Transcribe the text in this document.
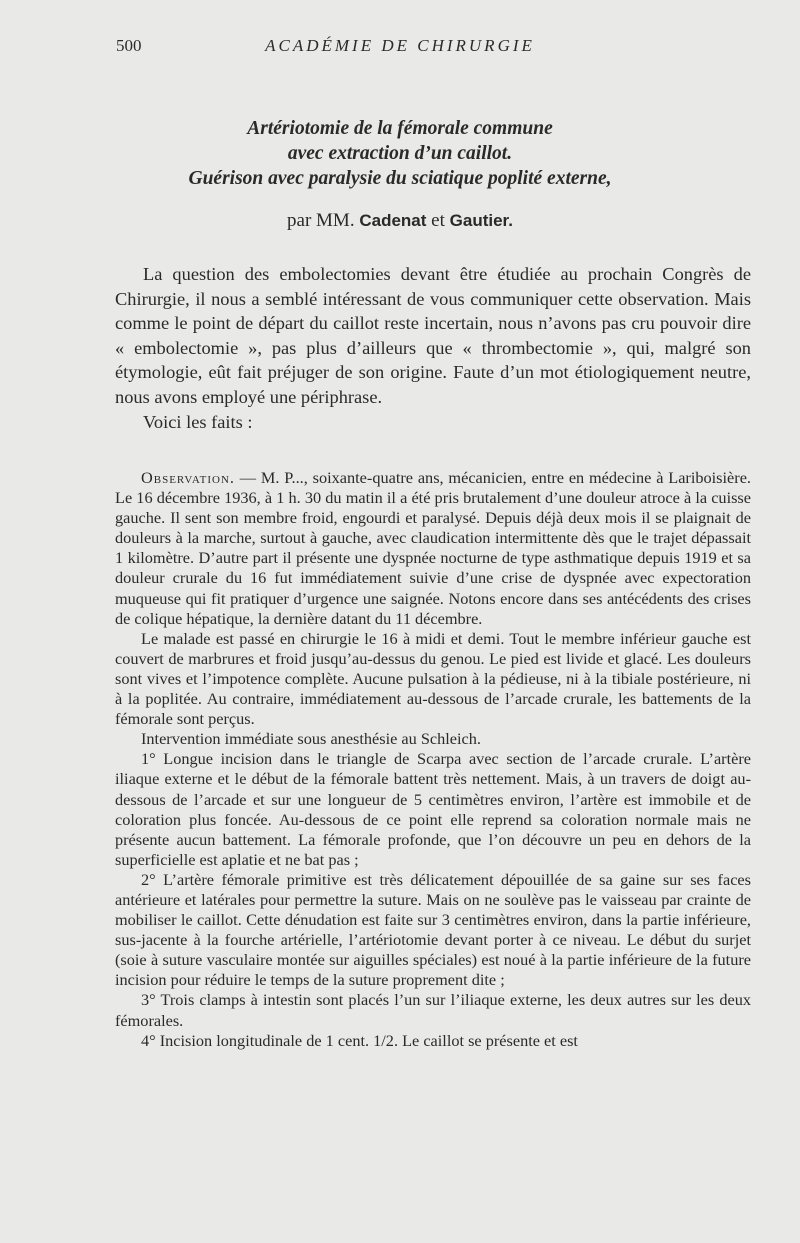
500	ACADÉMIE DE CHIRURGIE

Artériotomie de la fémorale commune

avec extraction d’un caillot.

Guérison avec paralysie du sciatique poplité externe,

par MM. Cadenat et Gautier.

La question des embolectomies devant être étudiée au prochain Congrès de Chirurgie, il nous a semblé intéressant de vous communiquer cette observation. Mais comme le point de départ du caillot reste incertain, nous n’avons pas cru pouvoir dire « embolectomie », pas plus d’ailleurs que « thrombectomie », qui, malgré son étymologie, eût fait préjuger de son origine. Faute d’un mot étiologiquement neutre, nous avons employé une périphrase.

Voici les faits :

Observation. — M. P..., soixante-quatre ans, mécanicien, entre en médecine à Lariboisière. Le 16 décembre 1936, à 1 h. 30 du matin il a été pris brutalement d’une douleur atroce à la cuisse gauche. Il sent son membre froid, engourdi et paralysé. Depuis déjà deux mois il se plaignait de douleurs à la marche, surtout à gauche, avec claudication intermittente dès que le trajet dépassait 1 kilomètre. D’autre part il présente une dyspnée nocturne de type asthmatique depuis 1919 et sa douleur crurale du 16 fut immédiatement suivie d’une crise de dyspnée avec expectoration muqueuse qui fit pratiquer d’urgence une saignée. Notons encore dans ses antécédents des crises de colique hépatique, la dernière datant du 11 décembre.

Le malade est passé en chirurgie le 16 à midi et demi. Tout le membre inférieur gauche est couvert de marbrures et froid jusqu’au-dessus du genou. Le pied est livide et glacé. Les douleurs sont vives et l’impotence complète. Aucune pulsation à la pédieuse, ni à la tibiale postérieure, ni à la poplitée. Au contraire, immédiatement au-dessous de l’arcade crurale, les battements de la fémorale sont perçus.

Intervention immédiate sous anesthésie au Schleich.

1° Longue incision dans le triangle de Scarpa avec section de l’arcade crurale. L’artère iliaque externe et le début de la fémorale battent très nettement. Mais, à un travers de doigt au-dessous de l’arcade et sur une longueur de 5 centimètres environ, l’artère est immobile et de coloration plus foncée. Au-dessous de ce point elle reprend sa coloration normale mais ne présente aucun battement. La fémorale profonde, que l’on découvre un peu en dehors de la superficielle est aplatie et ne bat pas ;

2° L’artère fémorale primitive est très délicatement dépouillée de sa gaine sur ses faces antérieure et latérales pour permettre la suture. Mais on ne soulève pas le vaisseau par crainte de mobiliser le caillot. Cette dénudation est faite sur 3 centimètres environ, dans la partie inférieure, sus-jacente à la fourche artérielle, l’artériotomie devant porter à ce niveau. Le début du surjet (soie à suture vasculaire montée sur aiguilles spéciales) est noué à la partie inférieure de la future incision pour réduire le temps de la suture proprement dite ;

3° Trois clamps à intestin sont placés l’un sur l’iliaque externe, les deux autres sur les deux fémorales.

4° Incision longitudinale de 1 cent. 1/2. Le caillot se présente et est
